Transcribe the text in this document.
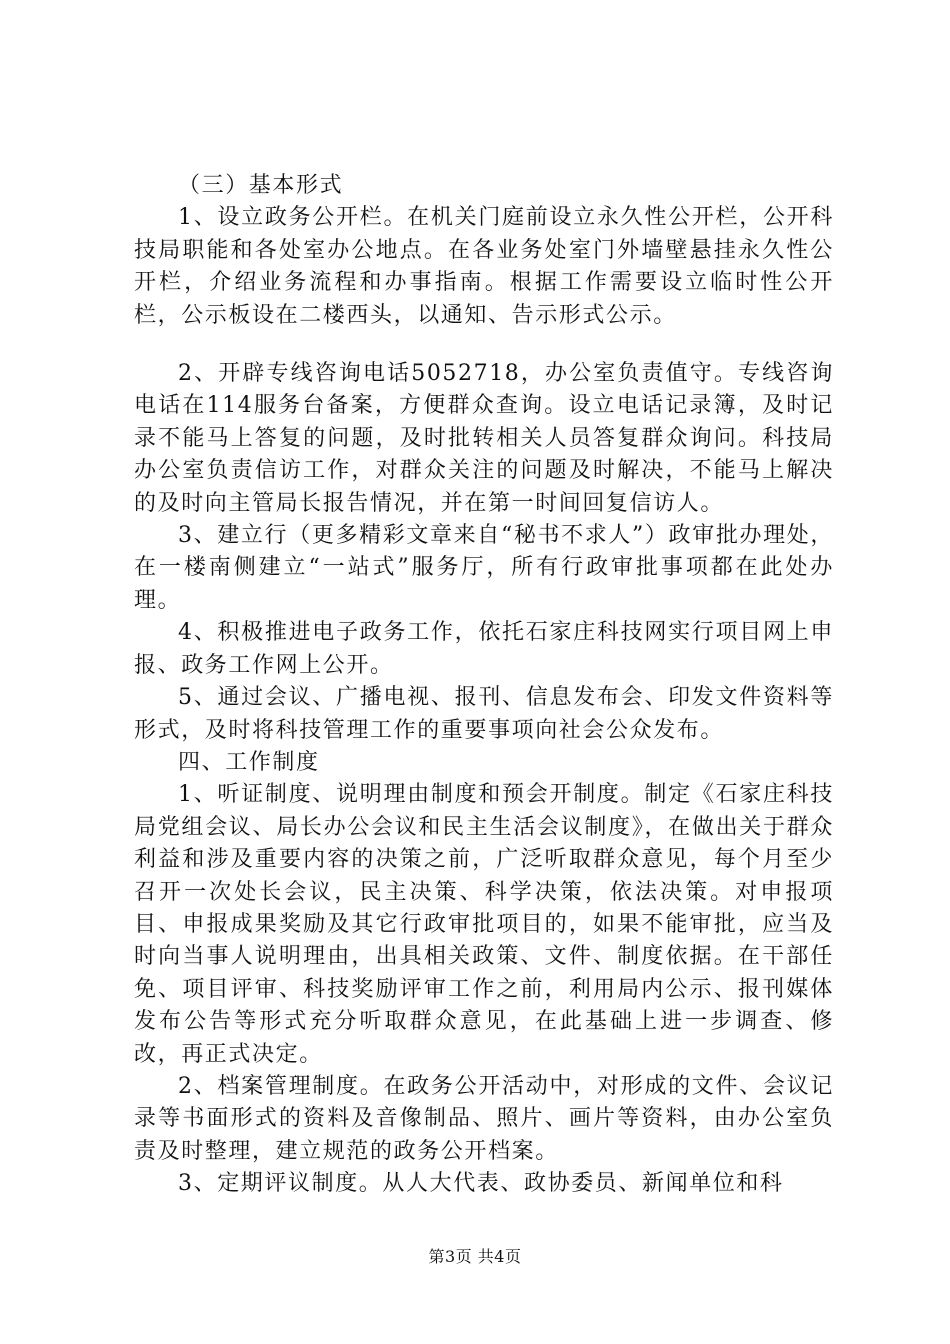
（三）基本形式

1、设立政务公开栏。在机关门庭前设立永久性公开栏，公开科技局职能和各处室办公地点。在各业务处室门外墙壁悬挂永久性公开栏，介绍业务流程和办事指南。根据工作需要设立临时性公开栏，公示板设在二楼西头，以通知、告示形式公示。

2、开辟专线咨询电话5052718，办公室负责值守。专线咨询电话在114服务台备案，方便群众查询。设立电话记录簿，及时记录不能马上答复的问题，及时批转相关人员答复群众询问。科技局办公室负责信访工作，对群众关注的问题及时解决，不能马上解决的及时向主管局长报告情况，并在第一时间回复信访人。

3、建立行（更多精彩文章来自“秘书不求人”）政审批办理处，在一楼南侧建立“一站式”服务厅，所有行政审批事项都在此处办理。

4、积极推进电子政务工作，依托石家庄科技网实行项目网上申报、政务工作网上公开。

5、通过会议、广播电视、报刊、信息发布会、印发文件资料等形式，及时将科技管理工作的重要事项向社会公众发布。

四、工作制度

1、听证制度、说明理由制度和预会开制度。制定《石家庄科技局党组会议、局长办公会议和民主生活会议制度》，在做出关于群众利益和涉及重要内容的决策之前，广泛听取群众意见，每个月至少召开一次处长会议，民主决策、科学决策，依法决策。对申报项目、申报成果奖励及其它行政审批项目的，如果不能审批，应当及时向当事人说明理由，出具相关政策、文件、制度依据。在干部任免、项目评审、科技奖励评审工作之前，利用局内公示、报刊媒体发布公告等形式充分听取群众意见，在此基础上进一步调查、修改，再正式决定。

2、档案管理制度。在政务公开活动中，对形成的文件、会议记录等书面形式的资料及音像制品、照片、画片等资料，由办公室负责及时整理，建立规范的政务公开档案。

3、定期评议制度。从人大代表、政协委员、新闻单位和科

第3页 共4页
